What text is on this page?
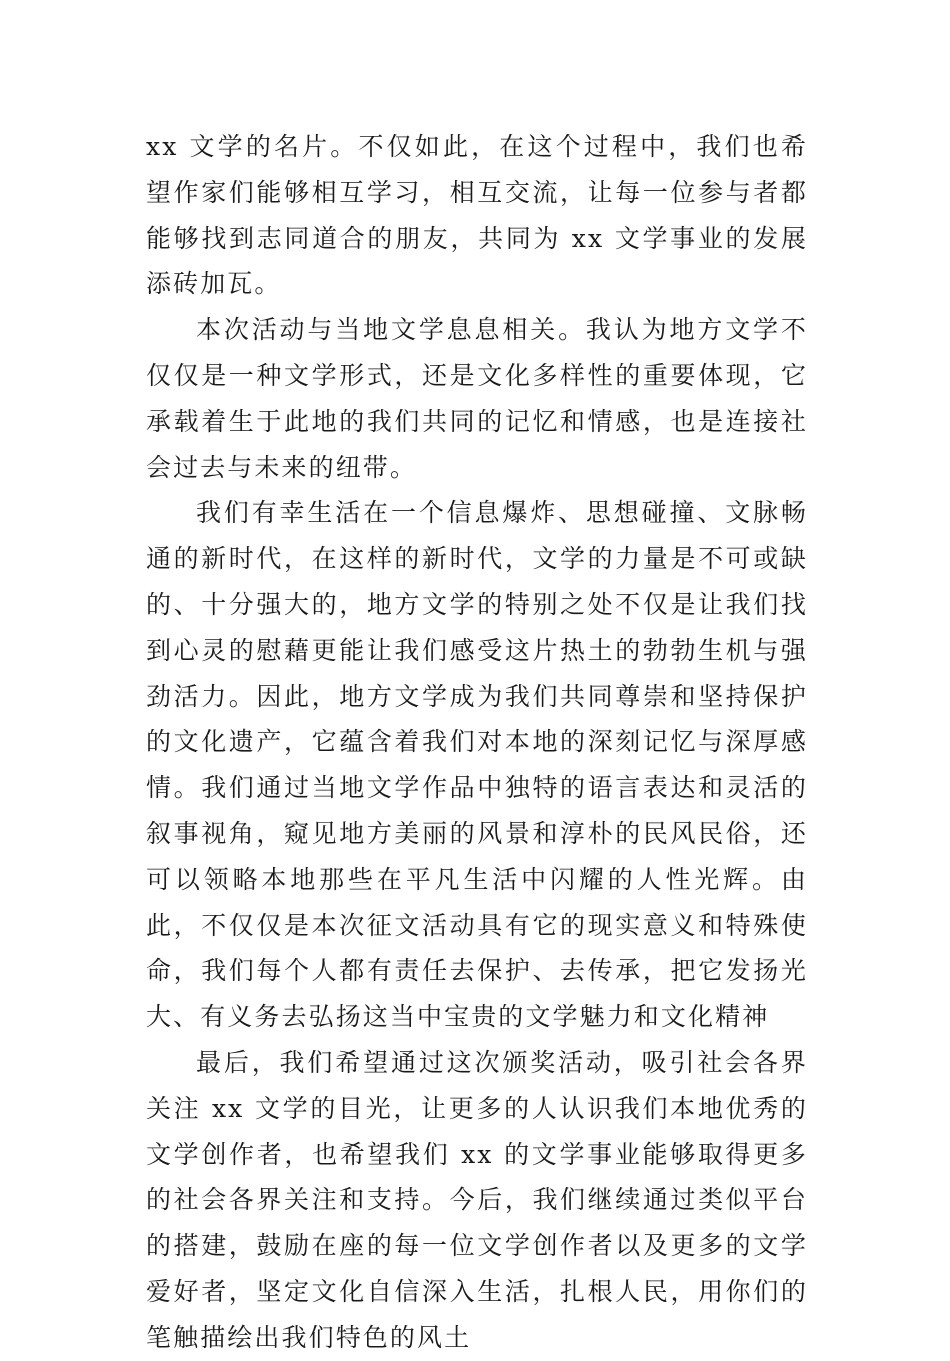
xx 文学的名片。不仅如此，在这个过程中，我们也希望作家们能够相互学习，相互交流，让每一位参与者都能够找到志同道合的朋友，共同为 xx 文学事业的发展添砖加瓦。

本次活动与当地文学息息相关。我认为地方文学不仅仅是一种文学形式，还是文化多样性的重要体现，它承载着生于此地的我们共同的记忆和情感，也是连接社会过去与未来的纽带。

我们有幸生活在一个信息爆炸、思想碰撞、文脉畅通的新时代，在这样的新时代，文学的力量是不可或缺的、十分强大的，地方文学的特别之处不仅是让我们找到心灵的慰藉更能让我们感受这片热土的勃勃生机与强劲活力。因此，地方文学成为我们共同尊崇和坚持保护的文化遗产，它蕴含着我们对本地的深刻记忆与深厚感情。我们通过当地文学作品中独特的语言表达和灵活的叙事视角，窥见地方美丽的风景和淳朴的民风民俗，还可以领略本地那些在平凡生活中闪耀的人性光辉。由此，不仅仅是本次征文活动具有它的现实意义和特殊使命，我们每个人都有责任去保护、去传承，把它发扬光大、有义务去弘扬这当中宝贵的文学魅力和文化精神

最后，我们希望通过这次颁奖活动，吸引社会各界关注 xx 文学的目光，让更多的人认识我们本地优秀的文学创作者，也希望我们 xx 的文学事业能够取得更多的社会各界关注和支持。今后，我们继续通过类似平台的搭建，鼓励在座的每一位文学创作者以及更多的文学爱好者，坚定文化自信深入生活，扎根人民，用你们的笔触描绘出我们特色的风土
